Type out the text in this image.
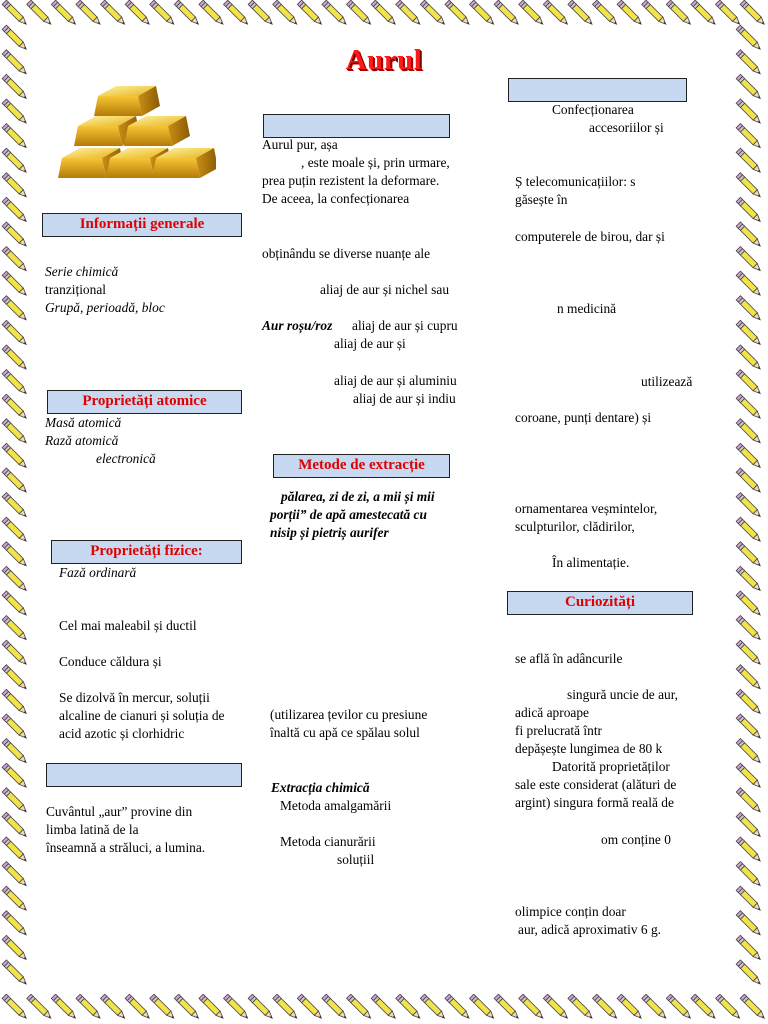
Aurul
Informații generale
Proprietăți atomice
Proprietăți fizice:
Metode de extracție
Curiozități
Serie chimică
tranzițional
Grupă, perioadă, bloc
Masă atomică
Rază atomică
electronică
Fază ordinară
Cel mai maleabil și ductil
Conduce căldura și
Se dizolvă în mercur, soluții
alcaline de cianuri și soluția de
acid azotic și clorhidric
Cuvântul „aur” provine din
limba latină de la
înseamnă a străluci, a lumina.
Aurul pur, așa
, este moale și, prin urmare,
prea puțin rezistent la deformare.
De aceea, la confecționarea
obținându se diverse nuanțe ale
aliaj de aur și nichel sau
Aur roșu/roz aliaj de aur și cupru
aliaj de aur și
aliaj de aur și aluminiu
aliaj de aur și indiu
pălarea, zi de zi, a mii și mii
porții” de apă amestecată cu
nisip și pietriș aurifer
(utilizarea țevilor cu presiune
înaltă cu apă ce spălau solul
Extracția chimică
Metoda amalgamării
Metoda cianurării
soluțiil
Confecționarea
accesoriilor și
Ș telecomunicațiilor: s
găsește în
computerele de birou, dar și
n medicină
utilizează
coroane, punți dentare) și
ornamentarea veșmintelor,
sculpturilor, clădirilor,
În alimentație.
se află în adâncurile
singură uncie de aur,
adică aproape
fi prelucrată într
depășește lungimea de 80 k
Datorită proprietăților
sale este considerat (alături de
argint) singura formă reală de
om conține 0
olimpice conțin doar
aur, adică aproximativ 6 g.
